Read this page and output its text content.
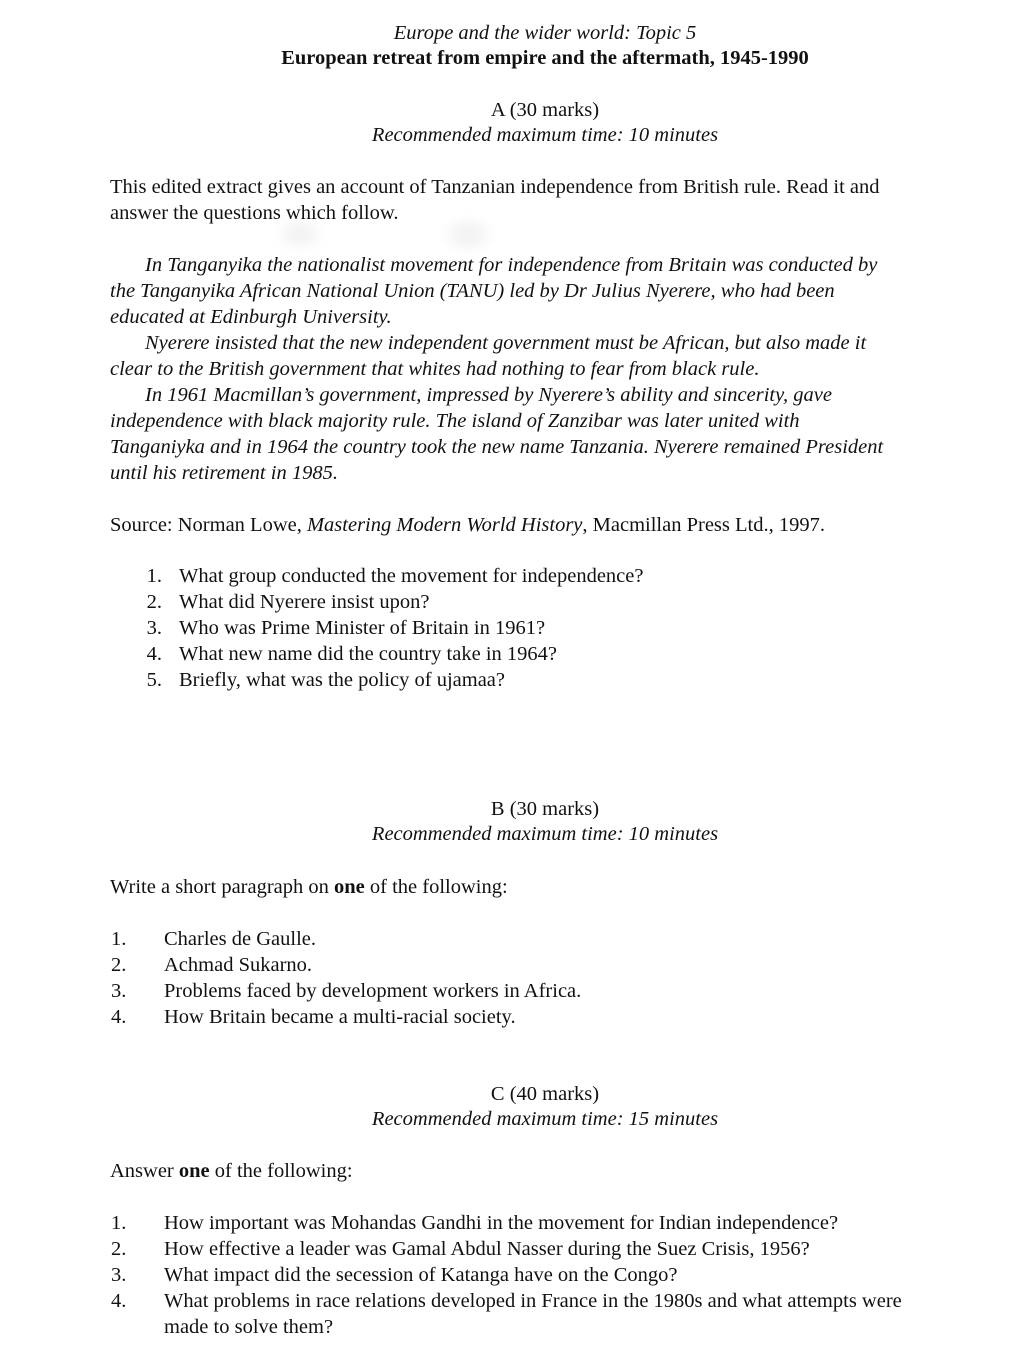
Europe and the wider world: Topic 5
European retreat from empire and the aftermath, 1945-1990
A (30 marks)
Recommended maximum time: 10 minutes
This edited extract gives an account of Tanzanian independence from British rule. Read it and
answer the questions which follow.
In Tanganyika the nationalist movement for independence from Britain was conducted by
the Tanganyika African National Union (TANU) led by Dr Julius Nyerere, who had been
educated at Edinburgh University.
Nyerere insisted that the new independent government must be African, but also made it
clear to the British government that whites had nothing to fear from black rule.
In 1961 Macmillan’s government, impressed by Nyerere’s ability and sincerity, gave
independence with black majority rule. The island of Zanzibar was later united with
Tanganiyka and in 1964 the country took the new name Tanzania. Nyerere remained President
until his retirement in 1985.
Source: Norman Lowe, Mastering Modern World History, Macmillan Press Ltd., 1997.
1. What group conducted the movement for independence?
2. What did Nyerere insist upon?
3. Who was Prime Minister of Britain in 1961?
4. What new name did the country take in 1964?
5. Briefly, what was the policy of ujamaa?
B (30 marks)
Recommended maximum time: 10 minutes
Write a short paragraph on one of the following:
1. Charles de Gaulle.
2. Achmad Sukarno.
3. Problems faced by development workers in Africa.
4. How Britain became a multi-racial society.
C (40 marks)
Recommended maximum time: 15 minutes
Answer one of the following:
1. How important was Mohandas Gandhi in the movement for Indian independence?
2. How effective a leader was Gamal Abdul Nasser during the Suez Crisis, 1956?
3. What impact did the secession of Katanga have on the Congo?
4. What problems in race relations developed in France in the 1980s and what attempts were
made to solve them?
